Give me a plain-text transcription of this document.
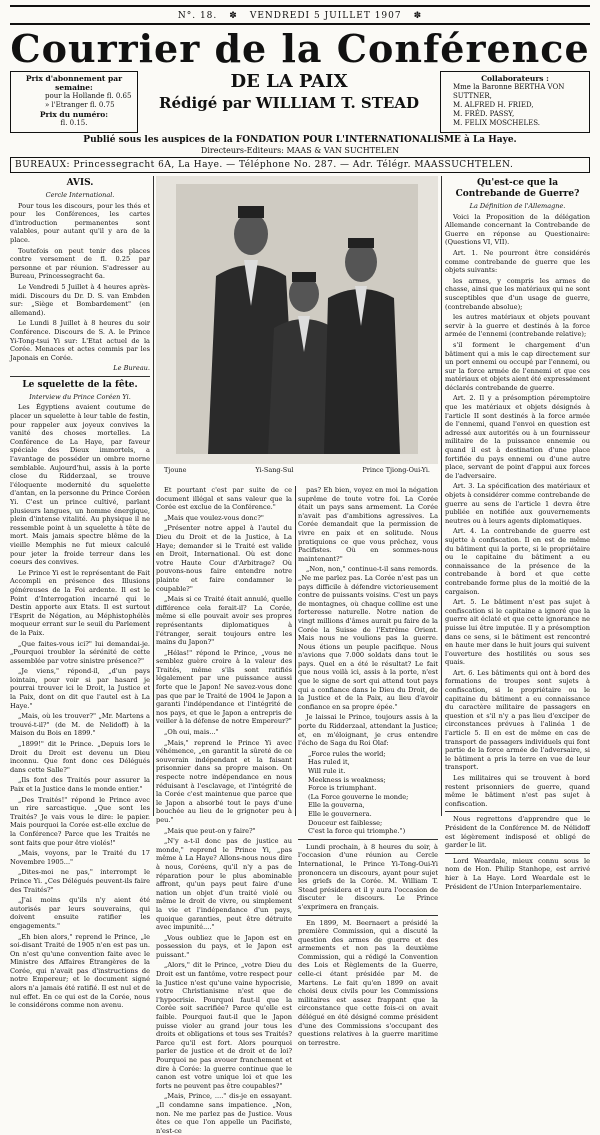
N°. 18. ✽ VENDREDI 5 JUILLET 1907 ✽
Courrier de la Conférence
Prix d'abonnement par semaine:
pour la Hollande fl. 0.65
» l'Etranger fl. 0.75
Prix du numéro:
fl. 0.15.
DE LA PAIX
Rédigé par WILLIAM T. STEAD
Collaborateurs :
Mme la Baronne BERTHA VON SUTTNER,
M. ALFRED H. FRIED,
M. FRÉD. PASSY,
M. FELIX MOSCHELES.
Publié sous les auspices de la FONDATION POUR L'INTERNATIONALISME à La Haye.
Directeurs-Editeurs: MAAS & VAN SUCHTELEN
BUREAUX: Princessegracht 6A, La Haye. — Téléphone No. 287. — Adr. Télégr. MAASSUCHTELEN.
AVIS.
Cercle International.

Pour tous les discours, pour les thés et pour les Conférences, les cartes d'introduction permanentes sont valables, pour autant qu'il y ara de la place.

Toutefois on peut tenir des places contre versement de fl. 0.25 par personne et par réunion. S'adresser au Bureau, Princessegracht 6a.

Le Vendredi 5 Juillet à 4 heures après-midi. Discours du Dr. D. S. van Embden sur: „Siège et Bombardement" (en allemand).

Le Lundi 8 Juillet à 8 heures du soir Conférence. Discours de S. A. le Prince Yi-Tong-tsui Yi sur: L'Etat actuel de la Corée. Menaces et actes commis par les Japonais en Corée.

Le Bureau.
Le squelette de la fête.
Interview du Prince Coréen Yi.

Les Égyptiens avaient coutume de placer un squelette à leur table de festin, pour rappeler aux joyeux convives la vanité des choses mortelles. La Conférence de La Haye, par faveur spéciale des Dieux immortels, a l'avantage de posséder un ombre morne semblable. Aujourd'hui, assis à la porte close du Ridderzaal, se trouve l'éloquente modernité du squelette d'antan, en la personne du Prince Coréen Yi. C'est un prince cultivé, parlant plusieurs langues, un homme énergique, plein d'intense vitalité. Au physique il ne ressemble point à un squelette à tête de mort. Mais jamais spectre blême de la vieille Memphis ne fut mieux calculé pour jeter la froide terreur dans les coeurs des convives.

Le Prince Yi est le représentant de Fait Accompli en présence des Illusions généreuses de la Foi ardente. Il est le Point d'Interrogation incarné qui le Destin apporte aux Etats. Il est surtout l'Esprit de Négation, au Méphistophélès moqueur errant sur le seuil du Parlement de la Paix.

„Que faites-vous ici?" lui demandai-je. „Pourquoi troubler la sérénité de cette assemblée par votre sinistre présence?"

„Je viens," répond-il, „d'un pays lointain, pour voir si par hasard je pourrai trouver ici le Droit, la Justice et la Paix, dont on dit que l'autel est à La Haye."

„Mais, où les trouver?" „Mr. Martens a trouvé-t-il?" (de M. de Nelidoff) à la Maison du Bois en 1899."

„1899!" dit le Prince. „Depuis lors le Droit du Droit est devenu un Dieu inconnu. Que font donc ces Délégués dans cette Salle?"

„Ils font des Traités pour assurer la Paix et la Justice dans le monde entier."

„Des Traités!" répond le Prince avec un rire sarcastique. „Que sont les Traités? Je vais vous le dire: le papier. Mais pourquoi la Corée est-elle exclue de la Conférence? Parce que les Traités ne sont faits que pour être violés!"

„Mais, voyons, par le Traité du 17 Novembre 1905..."

„Dites-moi ne pas," interrompt le Prince Yi. „Ces Délégués peuvent-ils faire des Traités?"

„J'ai moins qu'ils n'y aient été autorisés par leurs souverains, qui doivent ensuite ratifier les engagements."

„Eh bien alors," reprend le Prince, „le soi-disant Traité de 1905 n'en est pas un. On n'est qu'une convention faite avec le Ministre des Affaires Étrangères de la Corée, qui n'avait pas d'instructions de notre Empereur; et le document signé alors n'a jamais été ratifié. Il est nul et de nul effet. En ce qui est de la Corée, nous le considérons comme non avenu.

Tjoune	Yi-Sang-Sul	Prince Tjiong-Oui-Yi.

Et pourtant c'est par suite de ce document illégal et sans valeur que la Corée est exclue de la Conférence."

„Mais que voulez-vous donc?"

„Présenter notre appel à l'autel du Dieu du Droit et de la Justice, à La Haye; demander si le Traité est valide en Droit, International. Où est donc votre Haute Cour d'Arbitrage? Où pouvons-nous faire entendre notre plainte et faire condamner le coupable?"

„Mais si ce Traité était annulé, quelle différence cela ferait-il? La Corée, même si elle pouvait avoir ses propres représentants diplomatiques à l'étranger, serait toujours entre les mains du Japon?"

„Hélas!" répond le Prince, „vous ne semblez guère croire à la valeur des Traités, même s'ils sont ratifiés légalement par une puissance aussi forte que le Japon! Ne savez-vous donc pas que par le Traité de 1904 le Japon a garanti l'indépendance et l'intégrité de nos pays, et que le Japon a entrepris de veiller à la défense de notre Empereur?"

„Oh oui, mais..."

„Mais," reprend le Prince Yi avec véhémence, „en garantit la sûreté de ce souverain indépendant et la faisant prisonnier dans sa propre maison. On respecte notre indépendance en nous réduisant à l'esclavage, et l'intégrité de la Corée c'est maintenue que parce que le Japon a absorbé tout le pays d'une bouchée au lieu de le grignoter peu à peu."

„Mais que peut-on y faire?"

„N'y a-t-il donc pas de justice au monde," reprend le Prince Yi, „pas même à La Haye? Allons-nous nous dire à nous, Coréens, qu'il n'y a pas de réparation pour le plus abominable affront, qu'un pays peut faire d'une nation un objet d'un traité violé ou même le droit de vivre, ou simplement la vie et l'indépendance d'un pays, quoique garanties, peut être détruite avec impunité...."

„Vous oubliez que le Japon est en possession du pays, et le Japon est puissant."

„Alors," dit le Prince, „votre Dieu du Droit est un fantôme, votre respect pour la Justice n'est qu'une vaine hypocrisie, votre Christianisme n'est que de l'hypocrisie. Pourquoi faut-il que la Corée soit sacrifiée? Parce qu'elle est faible. Pourquoi faut-il que le Japon puisse violer au grand jour tous les droits et obligations et tous ses Traités? Parce qu'il est fort. Alors pourquoi parler de justice et de droit et de loi? Pourquoi ne pas avouer franchement et dire à Corée: la guerre continue que le canon est votre unique loi et que les forts ne peuvent pas être coupables?"

„Mais, Prince, ...." dis-je en essayant. „Il condamne sans impatience. „Non, non. Ne me parlez pas de Justice. Vous êtes ce que l'on appelle un Pacifiste, n'est-ce

pas? Eh bien, voyez en moi la négation suprême de toute votre foi. La Corée était un pays sans armement. La Corée n'avait pas d'ambitions agressives. La Corée demandait que la permission de vivre en paix et en solitude. Nous pratiquions ce que vous prêchez, vous Pacifistes. Où en sommes-nous maintenant?"

„Non, non," continue-t-il sans remords. „Ne me parlez pas. La Corée n'est pas un pays difficile à défendre victorieusement contre de puissants voisins. C'est un pays de montagnes, où chaque colline est une forteresse naturelle. Notre nation de vingt millions d'âmes aurait pu faire de la Corée la Suisse de l'Extrême Orient. Mais nous ne voulions pas la guerre. Nous étions un peuple pacifique. Nous n'avions que 7.000 soldats dans tout le pays. Quel en a été le résultat? Le fait que nous voilà ici, assis à la porte, n'est que le signe de sort qui attend tout pays qui a confiance dans le Dieu du Droit, de la Justice et de la Paix, au lieu d'avoir confiance en sa propre épée."

Je laissai le Prince, toujours assis à la porte du Ridderzaal, attendant la Justice; et, en m'éloignant, je crus entendre l'écho de Saga du Roi Olaf:

„Force rules the world;
Has ruled it,
Will rule it.
Meekness is weakness;
Force is triumphant.
(La Force gouverne le monde;
Elle la gouverna,
Elle le gouvernera.
Douceur est faiblesse;
C'est la force qui triomphe.")

Lundi prochain, à 8 heures du soir, à l'occasion d'une réunion au Cercle International, le Prince Yi-Tong-Oui-Yi prononcera un discours, ayant pour sujet les griefs de la Corée. M. William T. Stead présidera et il y aura l'occasion de discuter le discours. Le Prince s'exprimera en français.

En 1899, M. Beernaert a présidé la première Commission, qui a discuté la question des armes de guerre et des armements et non pas la deuxième Commission, qui a rédigé la Convention des Lois et Règlements de la Guerre, celle-ci étant présidée par M. de Martens. Le fait qu'en 1899 on avait choisi deux civils pour les Commissions militaires est assez frappant que la circonstance que cette fois-ci on avait délégué en été désigné comme président d'une des Commissions s'occupant des questions relatives à la guerre maritime on terrestre.

Qu'est-ce que la Contrebande de Guerre?
La Définition de l'Allemagne.

Voici la Proposition de la délégation Allemande concernant la Contrebande de Guerre en réponse au Questionaire: (Questions VI, VII).

Art. 1. Ne pourront être considérés comme contrebande de guerre que les objets suivants:

les armes, y compris les armes de chasse, ainsi que les matériaux qui ne sont susceptibles que d'un usage de guerre, (contrebande absolue);

les autres matériaux et objets pouvant servir à la guerre et destinés à la force armée de l'ennemi (contrebande relative);

s'il forment le chargement d'un bâtiment qui a mis le cap directement sur un port ennemi ou occupé par l'ennemi, ou sur la force armée de l'ennemi et que ces matériaux et objets aient été expressément déclarés contrebande de guerre.

Art. 2. Il y a présomption péremptoire que les matériaux et objets désignés à l'article II sont destinés à la force armée de l'ennemi, quand l'envoi en question est adressé aux autorités ou à un fournisseur militaire de la puissance ennemie ou quand il est à destination d'une place fortifiée du pays ennemi ou d'une autre place, servant de point d'appui aux forces de l'adversaire.

Art. 3. La spécification des matériaux et objets à considérer comme contrebande de guerre au sens de l'article 1 devra être publiée en notifiée aux gouvernements neutres ou à leurs agents diplomatiques.

Art. 4. La contrebande de guerre est sujette à confiscation. Il en est de même du bâtiment qui la porte, si le propriétaire ou le capitaine du bâtiment a eu connaissance de la présence de la contrebande à bord et que cette contrebande forme plus de la moitié de la cargaison.

Art. 5. Le bâtiment n'est pas sujet à confiscation si le capitaine a ignoré que la guerre ait éclaté et que cette ignorance ne puisse lui être imputée. Il y a présomption dans ce sens, si le bâtiment est rencontré en haute mer dans le huit jours qui suivent l'ouverture des hostilités ou sous ses quais.

Art. 6. Les bâtiments qui ont à bord des formations de troupes sont sujets à confiscation, si le propriétaire ou le capitaine du bâtiment a eu connaissance du caractère militaire de passagers en question et s'il n'y a pas lieu d'exciper de circonstances prévues à l'alinéa 1 de l'article 5. Il en est de même en cas de transport de passagers individuels qui font partie de la force armée de l'adversaire, si le bâtiment a pris la terre en vue de leur transport.

Les militaires qui se trouvent à bord restent prisonniers de guerre, quand même le bâtiment n'est pas sujet à confiscation.

Nous regrettons d'apprendre que le Président de la Conférence M. de Nélidoff est légèrement indisposé et obligé de garder le lit.

Lord Weardale, mieux connu sous le nom de Hon. Philip Stanhope, est arrivé hier à La Haye. Lord Weardale est le Président de l'Union Interparlementaire.
